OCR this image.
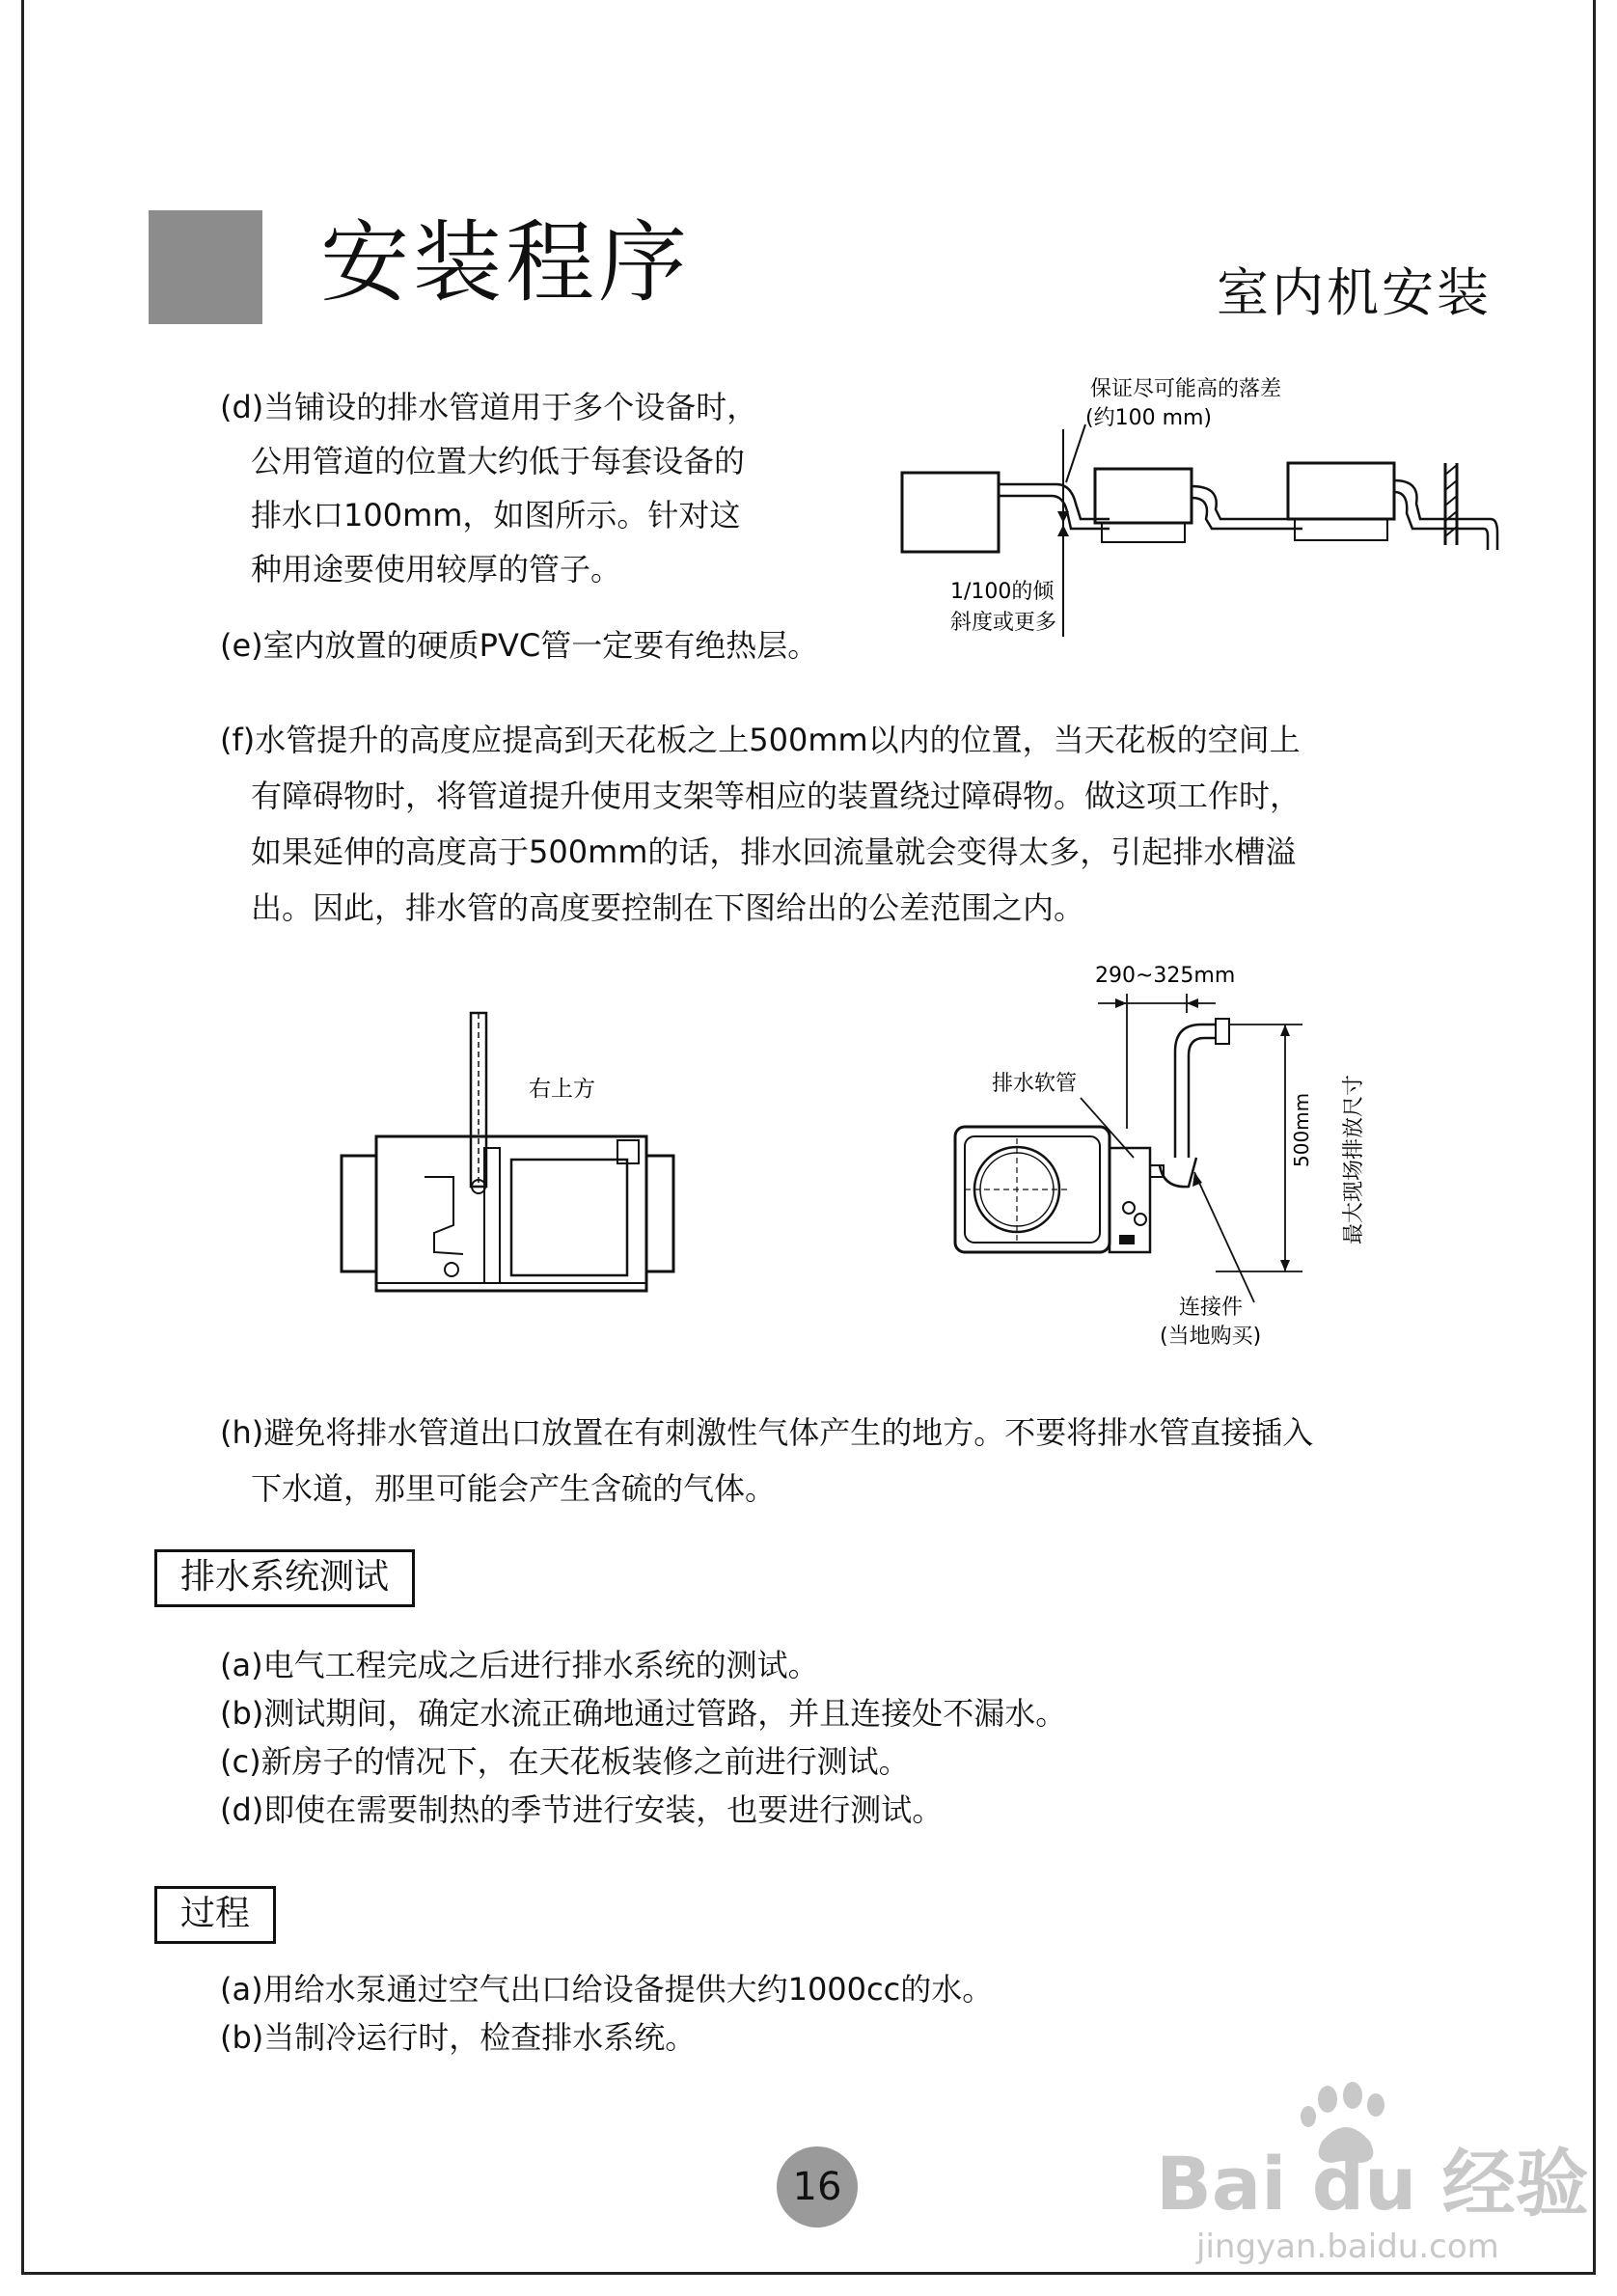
安装程序	室内机安装
(d)当铺设的排水管道用于多个设备时，
公用管道的位置大约低于每套设备的
排水口100mm，如图所示。针对这
种用途要使用较厚的管子。
(e)室内放置的硬质PVC管一定要有绝热层。
保证尽可能高的落差
(约100 mm)
1/100的倾
斜度或更多
(f)水管提升的高度应提高到天花板之上500mm以内的位置，当天花板的空间上
有障碍物时，将管道提升使用支架等相应的装置绕过障碍物。做这项工作时，
如果延伸的高度高于500mm的话，排水回流量就会变得太多，引起排水槽溢
出。因此，排水管的高度要控制在下图给出的公差范围之内。
右上方
290~325mm
排水软管
500mm 最大现场排放尺寸
连接件
(当地购买)
(h)避免将排水管道出口放置在有刺激性气体产生的地方。不要将排水管直接插入
下水道，那里可能会产生含硫的气体。
排水系统测试
(a)电气工程完成之后进行排水系统的测试。
(b)测试期间，确定水流正确地通过管路，并且连接处不漏水。
(c)新房子的情况下，在天花板装修之前进行测试。
(d)即使在需要制热的季节进行安装，也要进行测试。
过程
(a)用给水泵通过空气出口给设备提供大约1000cc的水。
(b)当制冷运行时，检查排水系统。
16	Bai du 经验
jingyan.baidu.com
